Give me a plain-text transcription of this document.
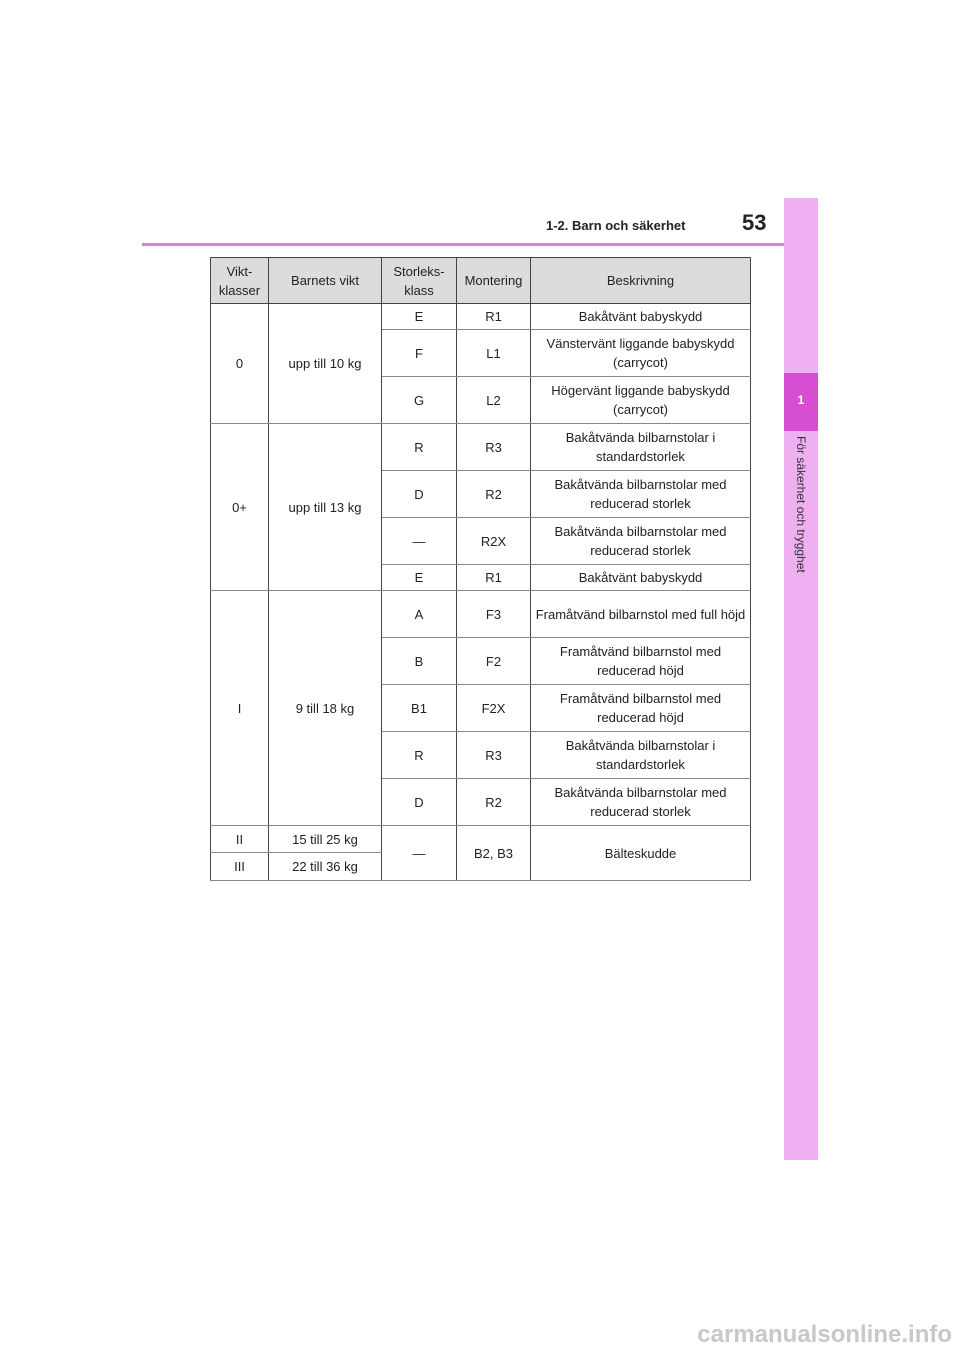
1-2. Barn och säkerhet	53
1
För säkerhet och trygghet
Vikt- klasser	Barnets vikt	Storleks- klass	Montering	Beskrivning
0	upp till 10 kg	E	R1	Bakåtvänt babyskydd
		F	L1	Vänstervänt liggande babyskydd (carrycot)
		G	L2	Högervänt liggande babyskydd (carrycot)
0+	upp till 13 kg	R	R3	Bakåtvända bilbarnstolar i standardstorlek
		D	R2	Bakåtvända bilbarnstolar med reducerad storlek
		—	R2X	Bakåtvända bilbarnstolar med reducerad storlek
		E	R1	Bakåtvänt babyskydd
I	9 till 18 kg	A	F3	Framåtvänd bilbarnstol med full höjd
		B	F2	Framåtvänd bilbarnstol med reducerad höjd
		B1	F2X	Framåtvänd bilbarnstol med reducerad höjd
		R	R3	Bakåtvända bilbarnstolar i standardstorlek
		D	R2	Bakåtvända bilbarnstolar med reducerad storlek
II	15 till 25 kg	—	B2, B3	Bälteskudde
III	22 till 36 kg			
carmanualsonline.info
